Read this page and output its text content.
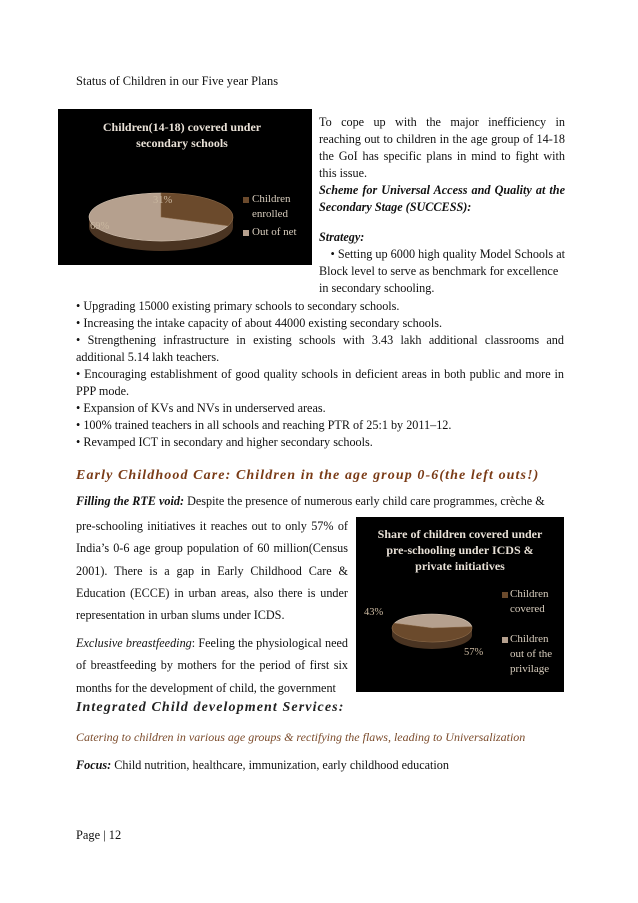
Status of Children in our Five year Plans
Children(14-18) covered under secondary schools
31%
69%
Children enrolled
Out of net

To cope up with the major inefficiency in reaching out to children in the age group of 14-18 the GoI has specific plans in mind to fight with this issue.

Scheme for Universal Access and Quality at the Secondary Stage (SUCCESS):

Strategy:

• Setting up 6000 high quality Model Schools at

Block level to serve as benchmark for excellence in secondary schooling.

• Upgrading 15000 existing primary schools to secondary schools.

• Increasing the intake capacity of about 44000 existing secondary schools.

• Strengthening infrastructure in existing schools with 3.43 lakh additional classrooms and additional 5.14 lakh teachers.

• Encouraging establishment of good quality schools in deficient areas in both public and more in PPP mode.

• Expansion of KVs and NVs in underserved areas.

• 100% trained teachers in all schools and reaching PTR of 25:1 by 2011–12.

• Revamped ICT in secondary and higher secondary schools.

Early Childhood Care: Children in the age group 0-6(the left outs!)

Filling the RTE void: Despite the presence of numerous early child care programmes, crèche &

pre-schooling initiatives it reaches out to only 57% of India’s 0-6 age group population of 60 million(Census 2001). There is a gap in Early Childhood Care & Education (ECCE) in urban areas, also there is under representation in urban slums under ICDS.

Exclusive breastfeeding: Feeling the physiological need of breastfeeding by mothers for the period of first six months for the development of child, the government

Share of children covered under pre-schooling under ICDS & private initiatives
43%
57%
Children covered
Children out of the privilage
Integrated Child development Services:
Catering to children in various age groups & rectifying the flaws, leading to Universalization
Focus: Child nutrition, healthcare, immunization, early childhood education
Page | 12
